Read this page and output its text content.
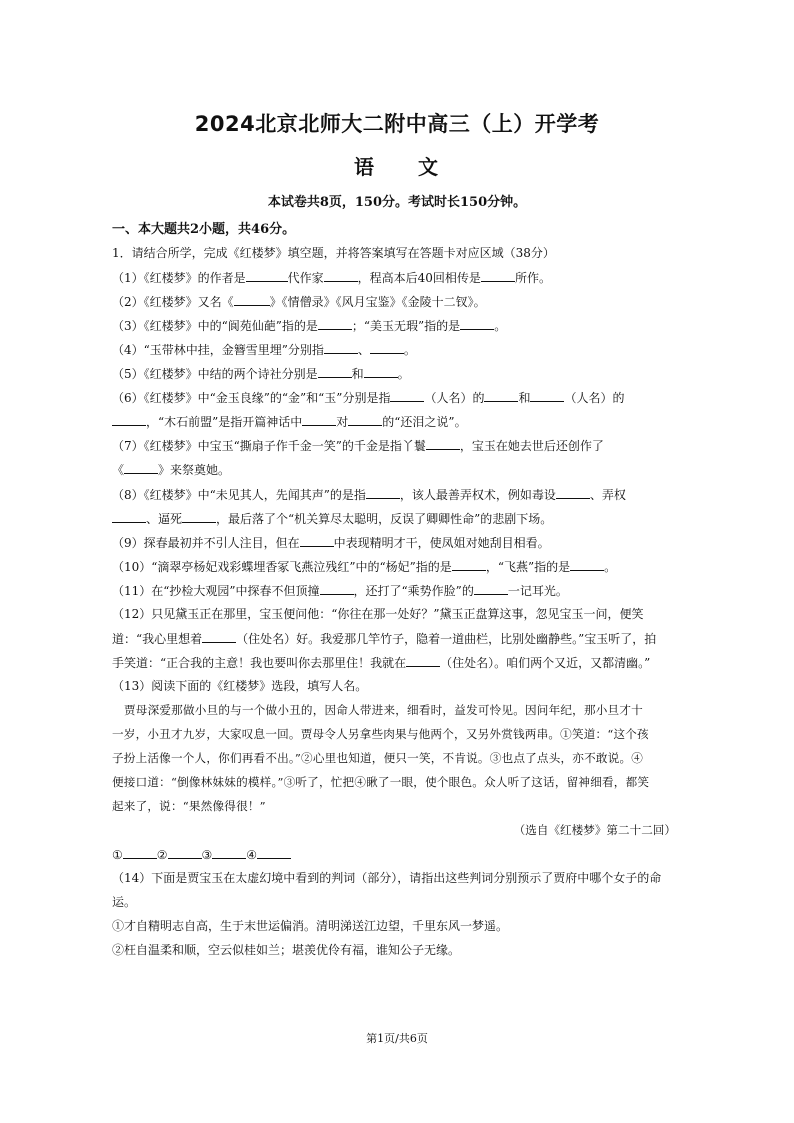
2024北京北师大二附中高三（上）开学考
语 文
本试卷共8页，150分。考试时长150分钟。
一、本大题共2小题，共46分。
1．请结合所学，完成《红楼梦》填空题，并将答案填写在答题卡对应区域（38分）
（1）《红楼梦》的作者是	代作家	，程高本后40回相传是	所作。
（2）《红楼梦》又名《	》《情僧录》《风月宝鉴》《金陵十二钗》。
（3）《红楼梦》中的“阆苑仙葩”指的是	；“美玉无瑕”指的是	。
（4）“玉带林中挂，金簪雪里埋”分别指	、	。
（5）《红楼梦》中结的两个诗社分别是	和	。
（6）《红楼梦》中“金玉良缘”的“金”和“玉”分别是指	（人名）的	和	（人名）的
，“木石前盟”是指开篇神话中	对	的“还泪之说”。
（7）《红楼梦》中宝玉“撕扇子作千金一笑”的千金是指丫鬟	，宝玉在她去世后还创作了
《	》来祭奠她。
（8）《红楼梦》中“未见其人，先闻其声”的是指	，该人最善弄权术，例如毒设	、弄权
、逼死	，最后落了个“机关算尽太聪明，反误了卿卿性命”的悲剧下场。
（9）探春最初并不引人注目，但在	中表现精明才干，使凤姐对她刮目相看。
（10）“滴翠亭杨妃戏彩蝶埋香冢飞燕泣残红”中的“杨妃”指的是	，“飞燕”指的是	。
（11）在“抄检大观园”中探春不但顶撞	，还打了“乘势作脸”的	一记耳光。
（12）只见黛玉正在那里，宝玉便问他：“你往在那一处好？”黛玉正盘算这事，忽见宝玉一问，便笑
道：“我心里想着	（住处名）好。我爱那几竿竹子，隐着一道曲栏，比别处幽静些。”宝玉听了，拍
手笑道：“正合我的主意！我也要叫你去那里住！我就在	（住处名）。咱们两个又近，又都清幽。”
（13）阅读下面的《红楼梦》选段，填写人名。
贾母深爱那做小旦的与一个做小丑的，因命人带进来，细看时，益发可怜见。因问年纪，那小旦才十
一岁，小丑才九岁，大家叹息一回。贾母令人另拿些肉果与他两个，又另外赏钱两串。①笑道：“这个孩
子扮上活像一个人，你们再看不出。”②心里也知道，便只一笑，不肯说。③也点了点头，亦不敢说。④
便接口道：“倒像林妹妹的模样。”③听了，忙把④瞅了一眼，使个眼色。众人听了这话，留神细看，都笑
起来了，说：“果然像得很！”
（选自《红楼梦》第二十二回）
①	②	③	④
（14）下面是贾宝玉在太虚幻境中看到的判词（部分），请指出这些判词分别预示了贾府中哪个女子的命
运。
①才自精明志自高，生于末世运偏消。清明涕送江边望，千里东风一梦遥。
②枉自温柔和顺，空云似桂如兰；堪羡优伶有福，谁知公子无缘。
第1页/共6页
